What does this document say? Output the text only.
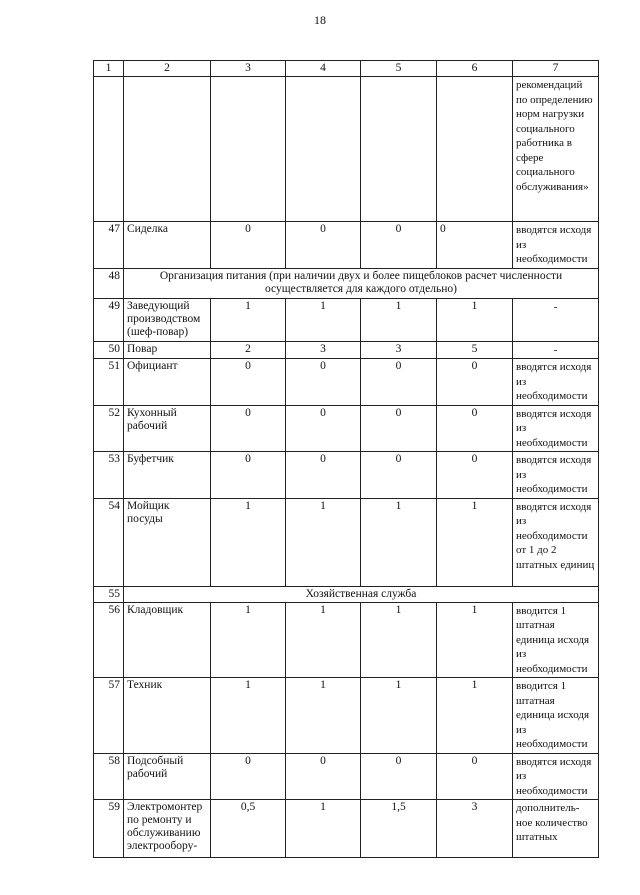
18
1	2	3	4	5	6	7
						рекомендаций по определению норм нагрузки социального работника в сфере социального обслуживания»
47	Сиделка	0	0	0	0	вводятся исходя из необходимости
48	Организация питания (при наличии двух и более пищеблоков расчет численности осуществляется для каждого отдельно)					
49	Заведующий производством (шеф-повар)	1	1	1	1	-
50	Повар	2	3	3	5	-
51	Официант	0	0	0	0	вводятся исходя из необходимости
52	Кухонный рабочий	0	0	0	0	вводятся исходя из необходимости
53	Буфетчик	0	0	0	0	вводятся исходя из необходимости
54	Мойщик посуды	1	1	1	1	вводятся исходя из необходимости от 1 до 2 штатных единиц
55	Хозяйственная служба					
56	Кладовщик	1	1	1	1	вводится 1 штатная единица исходя из необходимости
57	Техник	1	1	1	1	вводится 1 штатная единица исходя из необходимости
58	Подсобный рабочий	0	0	0	0	вводятся исходя из необходимости
59	Электромонтер по ремонту и обслуживанию электрообору-	0,5	1	1,5	3	дополнитель-ное количество штатных
